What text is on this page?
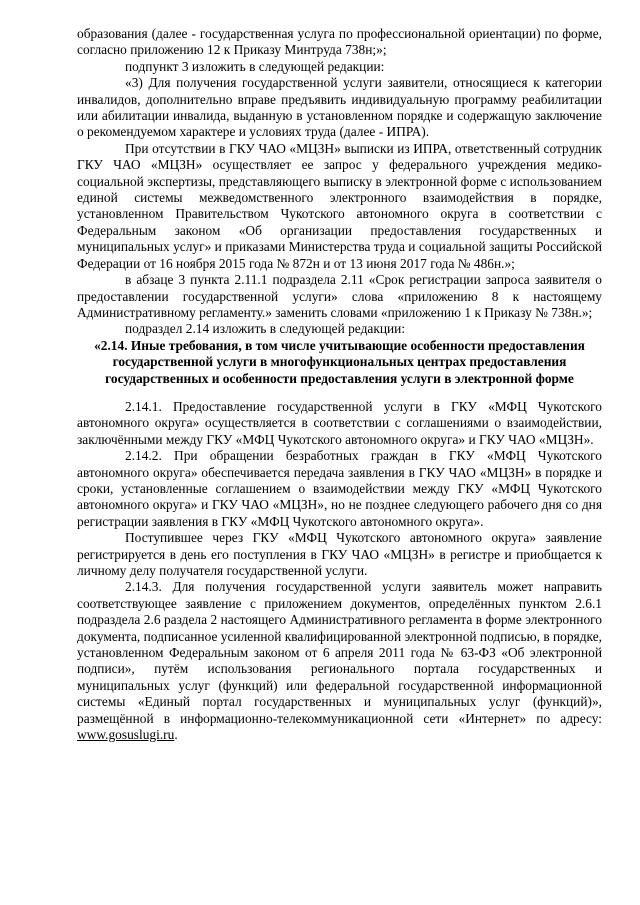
образования (далее - государственная услуга по профессиональной ориентации) по форме, согласно приложению 12 к Приказу Минтруда 738н;»;

подпункт 3 изложить в следующей редакции:

«3) Для получения государственной услуги заявители, относящиеся к категории инвалидов, дополнительно вправе предъявить индивидуальную программу реабилитации или абилитации инвалида, выданную в установленном порядке и содержащую заключение о рекомендуемом характере и условиях труда (далее - ИПРА).

При отсутствии в ГКУ ЧАО «МЦЗН» выписки из ИПРА, ответственный сотрудник ГКУ ЧАО «МЦЗН» осуществляет ее запрос у федерального учреждения медико-социальной экспертизы, представляющего выписку в электронной форме с использованием единой системы межведомственного электронного взаимодействия в порядке, установленном Правительством Чукотского автономного округа в соответствии с Федеральным законом «Об организации предоставления государственных и муниципальных услуг» и приказами Министерства труда и социальной защиты Российской Федерации от 16 ноября 2015 года № 872н и от 13 июня 2017 года № 486н.»;

в абзаце 3 пункта 2.11.1 подраздела 2.11 «Срок регистрации запроса заявителя о предоставлении государственной услуги» слова «приложению 8 к настоящему Административному регламенту.» заменить словами «приложению 1 к Приказу № 738н.»;

подраздел 2.14 изложить в следующей редакции:

«2.14. Иные требования, в том числе учитывающие особенности предоставления государственной услуги в многофункциональных центрах предоставления государственных и особенности предоставления услуги в электронной форме

2.14.1. Предоставление государственной услуги в ГКУ «МФЦ Чукотского автономного округа» осуществляется в соответствии с соглашениями о взаимодействии, заключёнными между ГКУ «МФЦ Чукотского автономного округа» и ГКУ ЧАО «МЦЗН».

2.14.2. При обращении безработных граждан в ГКУ «МФЦ Чукотского автономного округа» обеспечивается передача заявления в ГКУ ЧАО «МЦЗН» в порядке и сроки, установленные соглашением о взаимодействии между ГКУ «МФЦ Чукотского автономного округа» и ГКУ ЧАО «МЦЗН», но не позднее следующего рабочего дня со дня регистрации заявления в ГКУ «МФЦ Чукотского автономного округа».

Поступившее через ГКУ «МФЦ Чукотского автономного округа» заявление регистрируется в день его поступления в ГКУ ЧАО «МЦЗН» в регистре и приобщается к личному делу получателя государственной услуги.

2.14.3. Для получения государственной услуги заявитель может направить соответствующее заявление с приложением документов, определённых пунктом 2.6.1 подраздела 2.6 раздела 2 настоящего Административного регламента в форме электронного документа, подписанное усиленной квалифицированной электронной подписью, в порядке, установленном Федеральным законом от 6 апреля 2011 года № 63-ФЗ «Об электронной подписи», путём использования регионального портала государственных и муниципальных услуг (функций) или федеральной государственной информационной системы «Единый портал государственных и муниципальных услуг (функций)», размещённой в информационно-телекоммуникационной сети «Интернет» по адресу: www.gosuslugi.ru.
